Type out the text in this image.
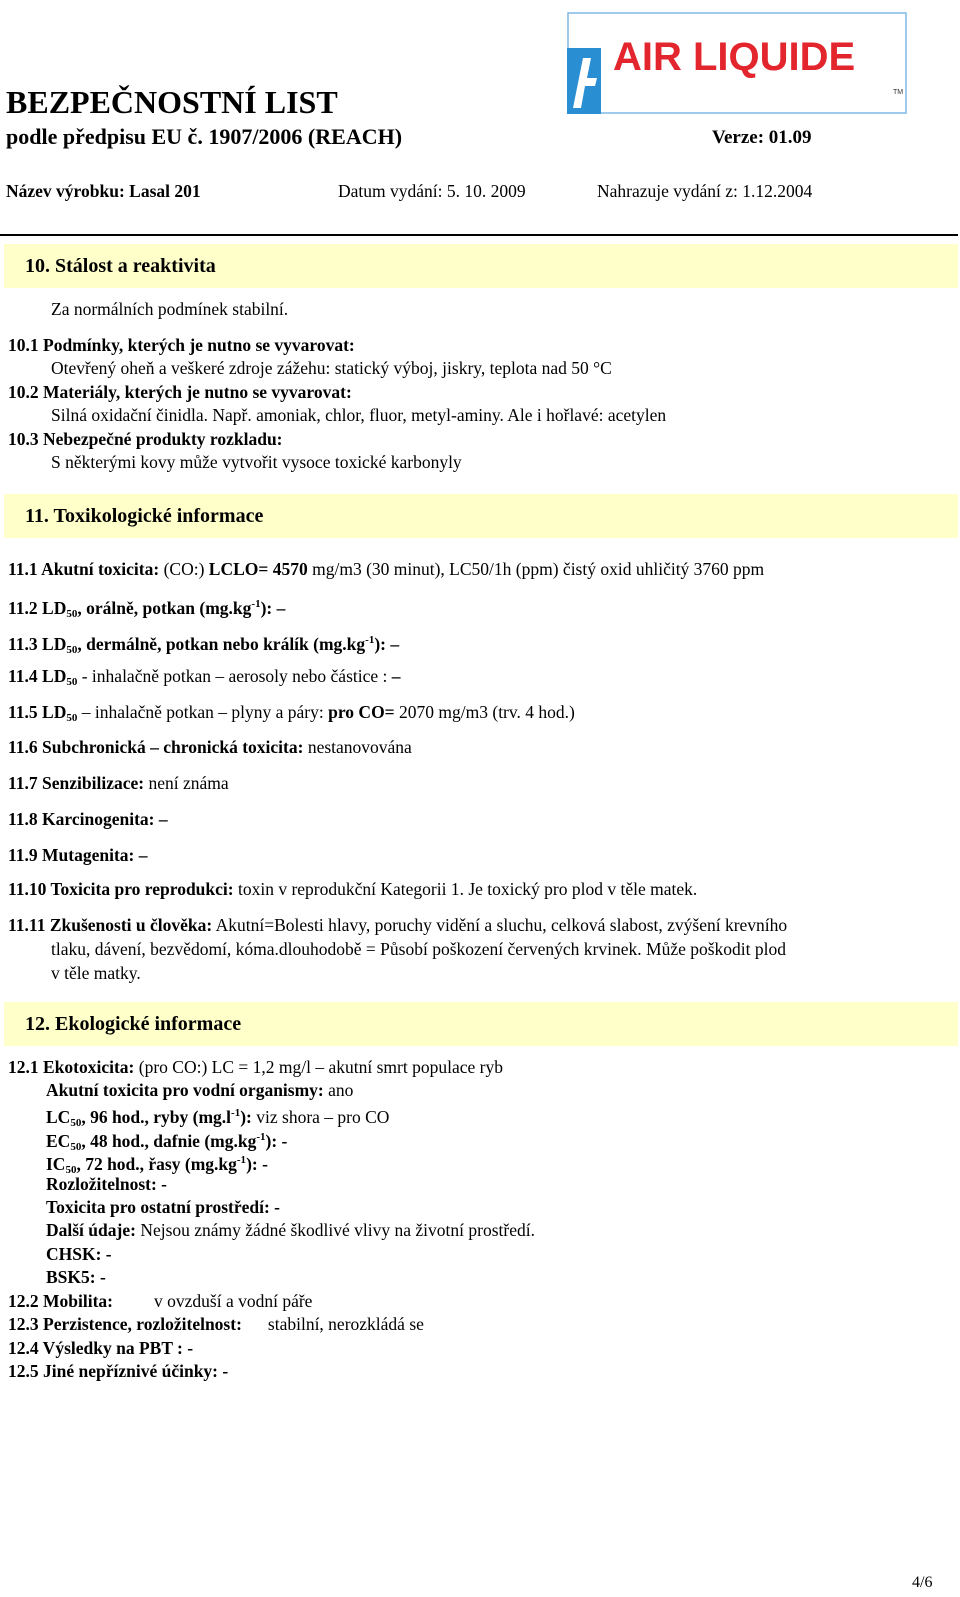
BEZPEČNOSTNÍ LIST
podle předpisu EU č. 1907/2006 (REACH)	Verze: 01.09
Název výrobku: Lasal 201	Datum vydání: 5. 10. 2009	Nahrazuje vydání z: 1.12.2004
AIR LIQUIDE
TM
10. Stálost a reaktivita
Za normálních podmínek stabilní.
10.1 Podmínky, kterých je nutno se vyvarovat:
Otevřený oheň a veškeré zdroje zážehu: statický výboj, jiskry, teplota nad 50 °C
10.2 Materiály, kterých je nutno se vyvarovat:
Silná oxidační činidla. Např. amoniak, chlor, fluor, metyl-aminy. Ale i hořlavé: acetylen
10.3 Nebezpečné produkty rozkladu:
S některými kovy může vytvořit vysoce toxické karbonyly
11. Toxikologické informace
11.1 Akutní toxicita: (CO:) LCLO= 4570 mg/m3 (30 minut), LC50/1h (ppm) čistý oxid uhličitý 3760 ppm
11.2 $LD_{50}$, orálně, potkan $(mg.kg^{-1})$: –
11.3 $LD_{50}$, dermálně, potkan nebo králík $(mg.kg^{-1})$: –
11.4 $LD_{50}$ - inhalačně potkan – aerosoly nebo částice : –
11.5 $LD_{50}$ – inhalačně potkan – plyny a páry: pro CO= 2070 mg/m3 (trv. 4 hod.)
11.6 Subchronická – chronická toxicita: nestanovována
11.7 Senzibilizace: není známa
11.8 Karcinogenita: –
11.9 Mutagenita: –
11.10 Toxicita pro reprodukci: toxin v reprodukční Kategorii 1. Je toxický pro plod v těle matek.
11.11 Zkušenosti u člověka: Akutní=Bolesti hlavy, poruchy vidění a sluchu, celková slabost, zvýšení krevního
tlaku, dávení, bezvědomí, kóma.dlouhodobě = Působí poškození červených krvinek. Může poškodit plod
v těle matky.
12. Ekologické informace
12.1 Ekotoxicita: (pro CO:) LC = 1,2 mg/l – akutní smrt populace ryb
Akutní toxicita pro vodní organismy: ano
$LC_{50}$, 96 hod., ryby $(mg.l^{-1})$: viz shora – pro CO
$EC_{50}$, 48 hod., dafnie $(mg.kg^{-1})$: -
$IC_{50}$, 72 hod., řasy $(mg.kg^{-1})$: -
Rozložitelnost: -
Toxicita pro ostatní prostředí: -
Další údaje: Nejsou známy žádné škodlivé vlivy na životní prostředí.
CHSK: -
BSK5: -
12.2 Mobilita: v ovzduší a vodní páře
12.3 Perzistence, rozložitelnost: stabilní, nerozkládá se
12.4 Výsledky na PBT : -
12.5 Jiné nepříznivé účinky: -
4/6
